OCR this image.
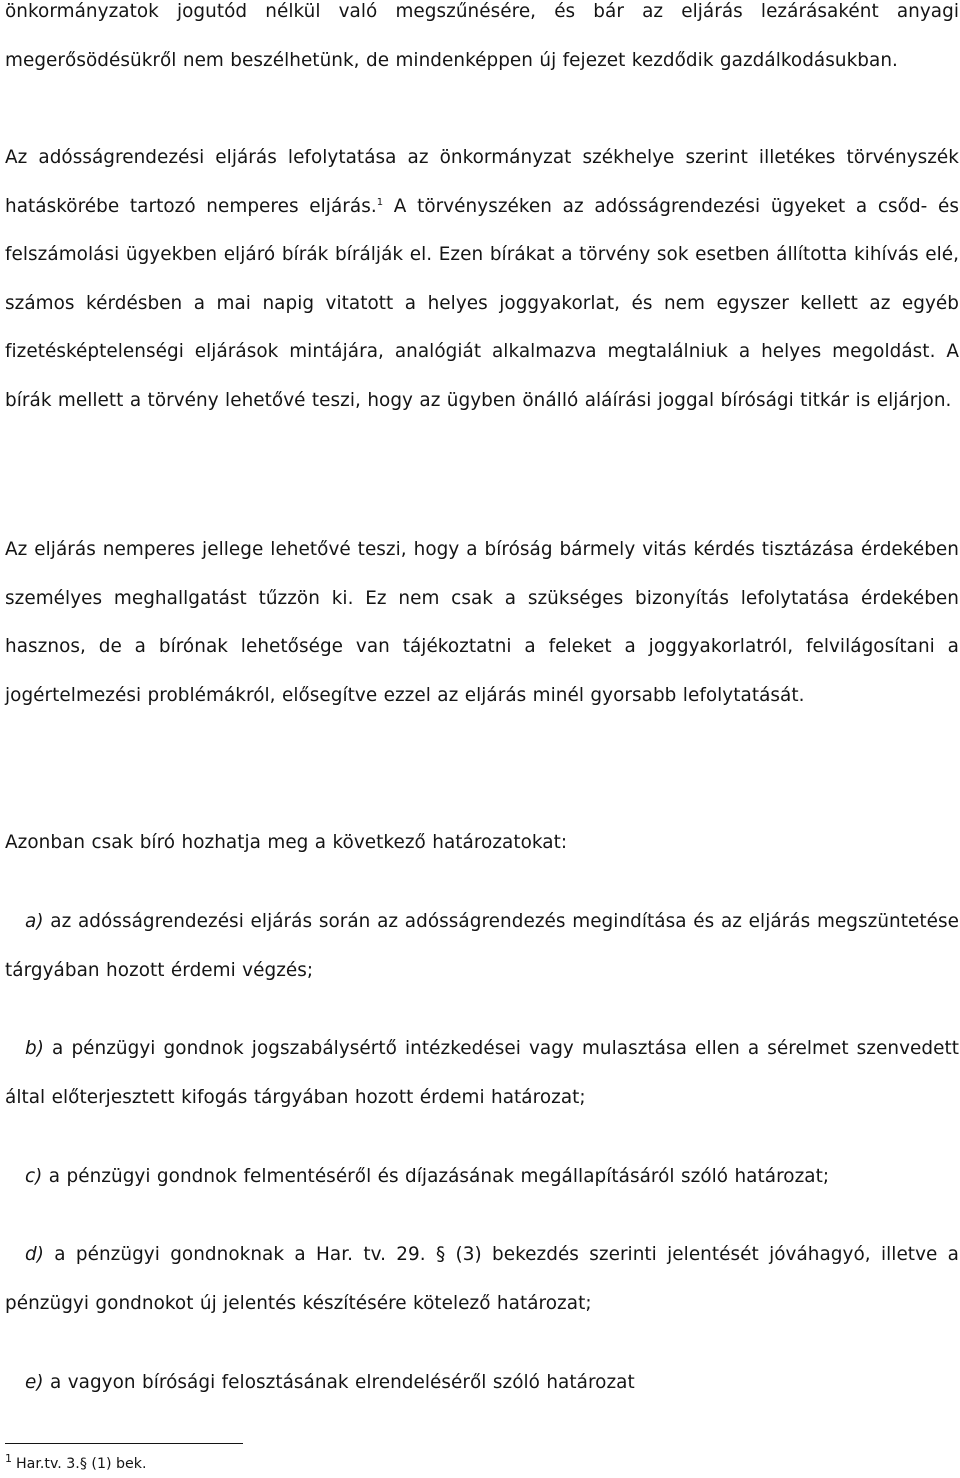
önkormányzatok jogutód nélkül való megszűnésére, és bár az eljárás lezárásaként anyagi megerősödésükről nem beszélhetünk, de mindenképpen új fejezet kezdődik gazdálkodásukban.

Az adósságrendezési eljárás lefolytatása az önkormányzat székhelye szerint illetékes törvényszék hatáskörébe tartozó nemperes eljárás.$^1$ A törvényszéken az adósságrendezési ügyeket a csőd- és felszámolási ügyekben eljáró bírák bírálják el. Ezen bírákat a törvény sok esetben állította kihívás elé, számos kérdésben a mai napig vitatott a helyes joggyakorlat, és nem egyszer kellett az egyéb fizetésképtelenségi eljárások mintájára, analógiát alkalmazva megtalálniuk a helyes megoldást. A bírák mellett a törvény lehetővé teszi, hogy az ügyben önálló aláírási joggal bírósági titkár is eljárjon.

Az eljárás nemperes jellege lehetővé teszi, hogy a bíróság bármely vitás kérdés tisztázása érdekében személyes meghallgatást tűzzön ki. Ez nem csak a szükséges bizonyítás lefolytatása érdekében hasznos, de a bírónak lehetősége van tájékoztatni a feleket a joggyakorlatról, felvilágosítani a jogértelmezési problémákról, elősegítve ezzel az eljárás minél gyorsabb lefolytatását.

Azonban csak bíró hozhatja meg a következő határozatokat:

a) az adósságrendezési eljárás során az adósságrendezés megindítása és az eljárás megszüntetése tárgyában hozott érdemi végzés;

b) a pénzügyi gondnok jogszabálysértő intézkedései vagy mulasztása ellen a sérelmet szenvedett által előterjesztett kifogás tárgyában hozott érdemi határozat;

c) a pénzügyi gondnok felmentéséről és díjazásának megállapításáról szóló határozat;

d) a pénzügyi gondnoknak a Har. tv. 29. § (3) bekezdés szerinti jelentését jóváhagyó, illetve a pénzügyi gondnokot új jelentés készítésére kötelező határozat;

e) a vagyon bírósági felosztásának elrendeléséről szóló határozat

$^1$ Har.tv. 3.§ (1) bek.
